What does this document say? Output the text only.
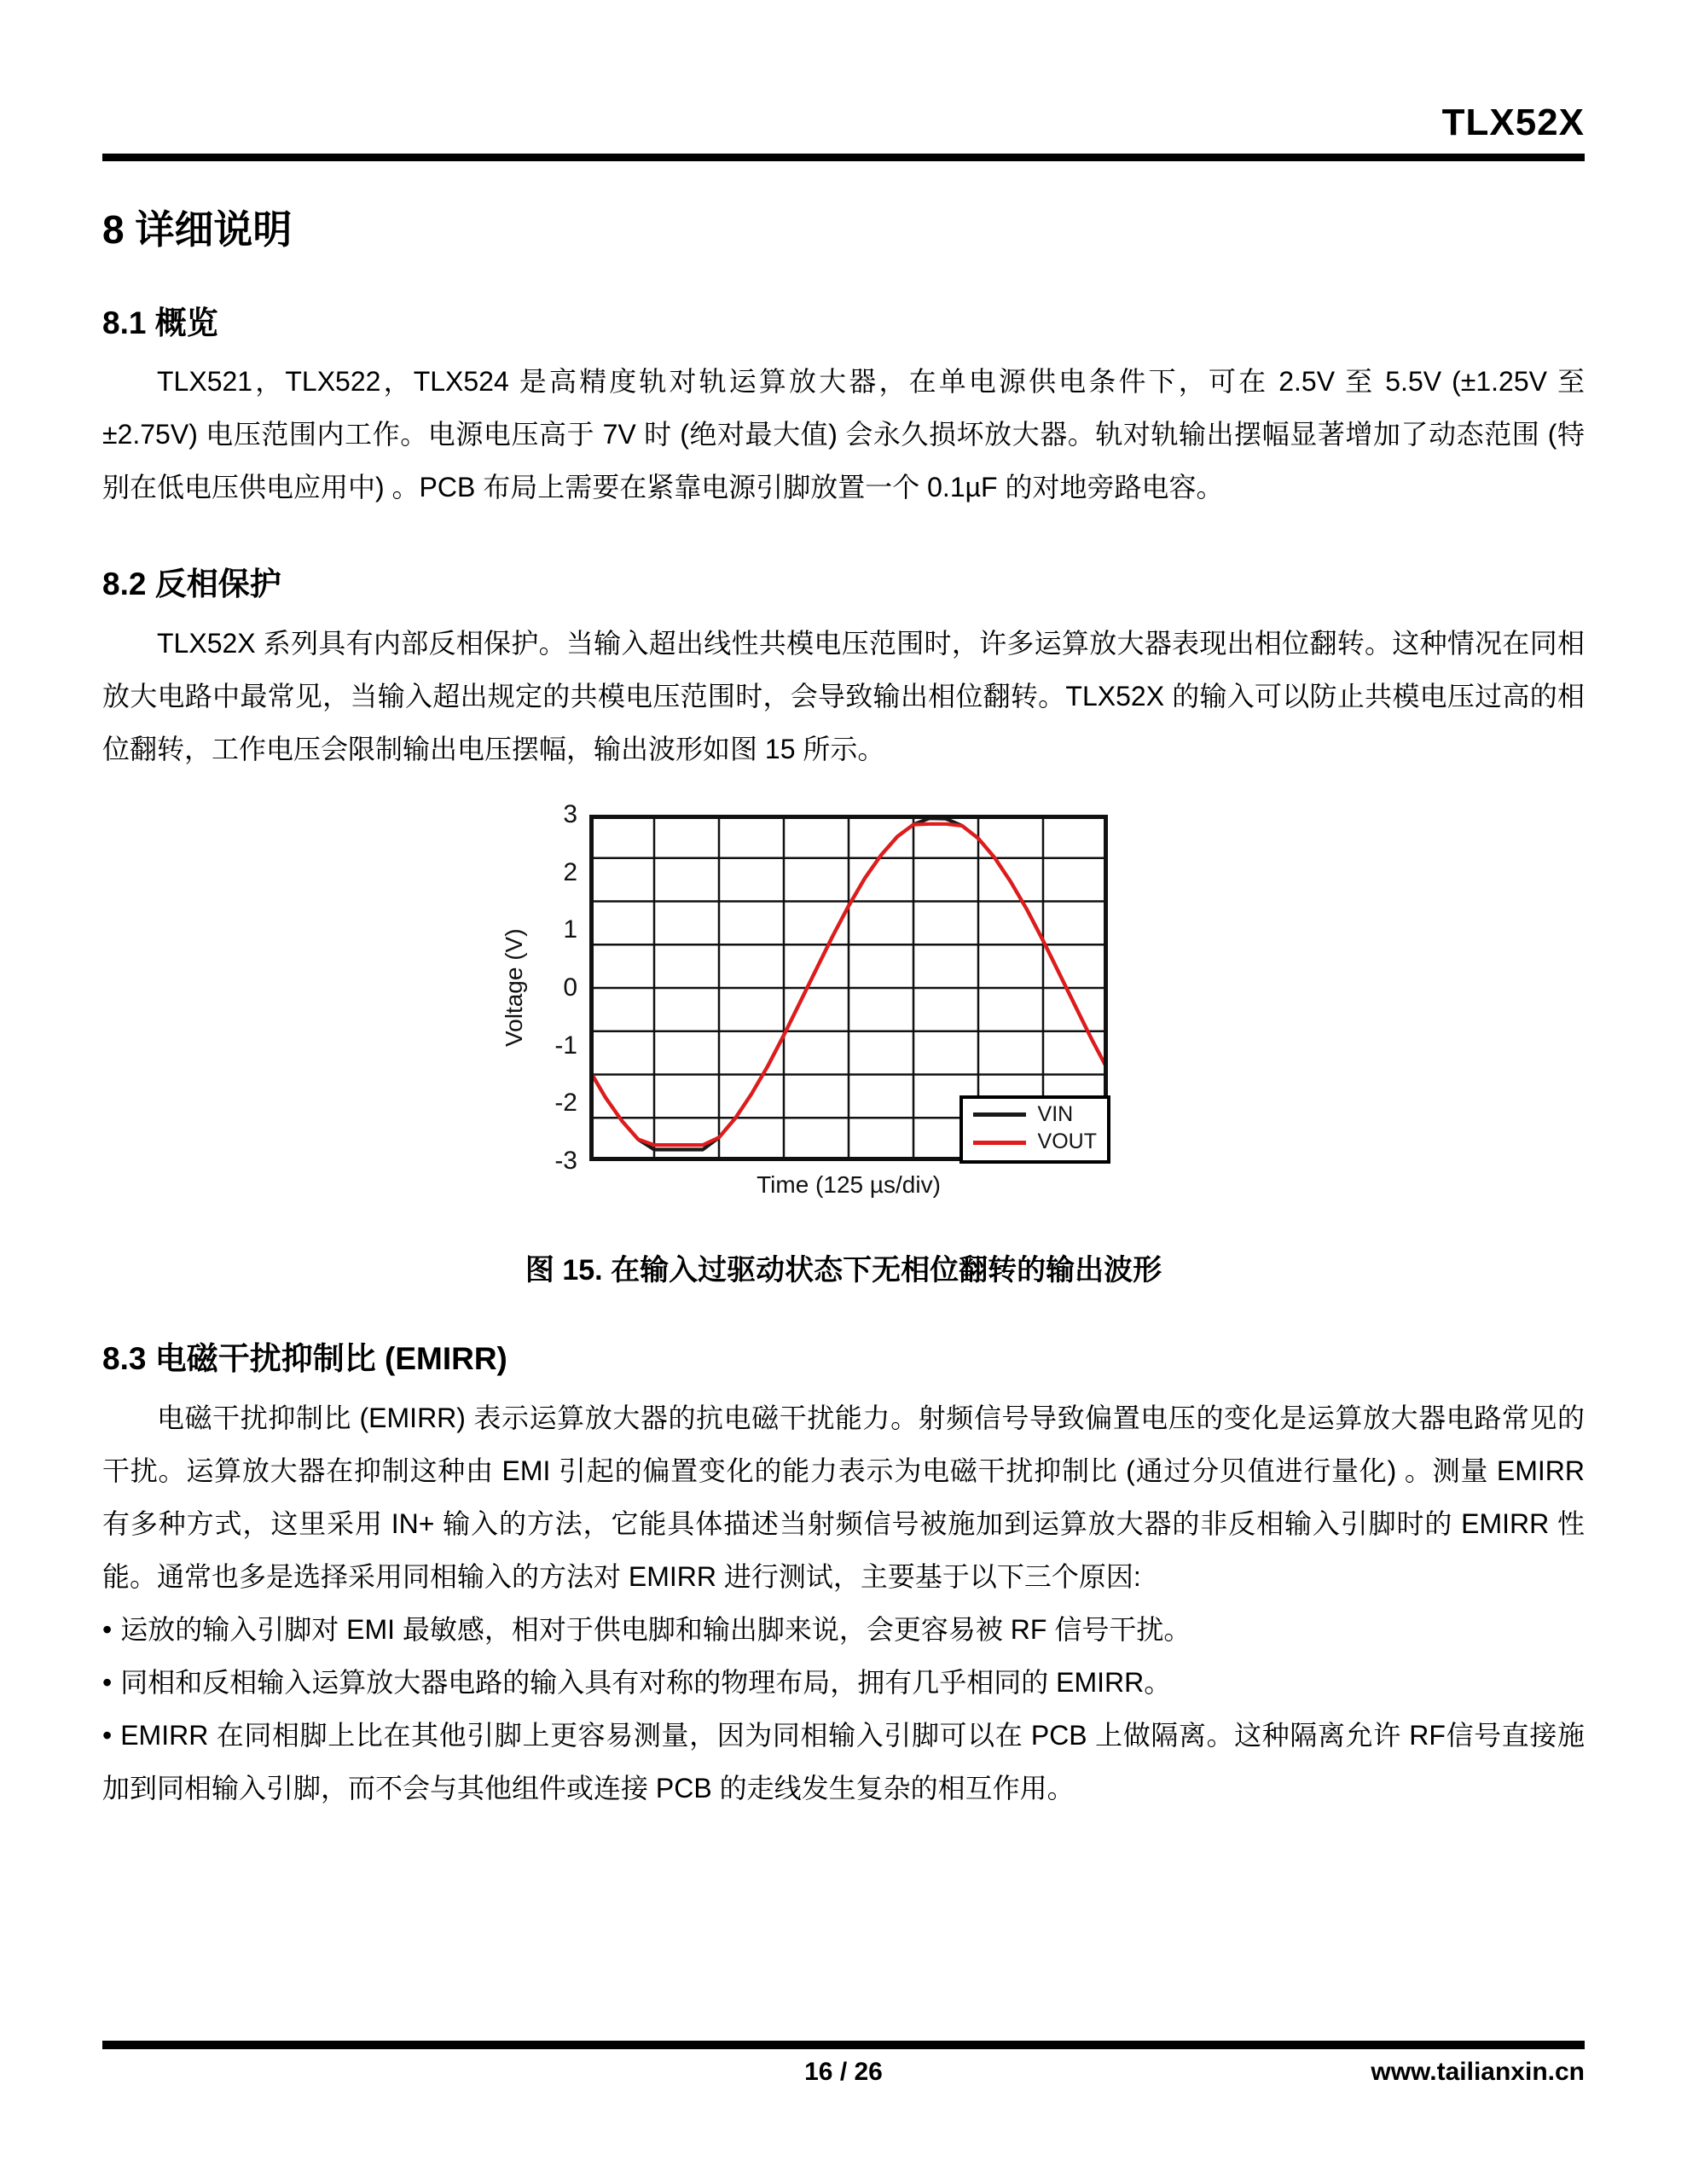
TLX52X
8 详细说明
8.1 概览

TLX521，TLX522，TLX524 是高精度轨对轨运算放大器，在单电源供电条件下，可在 2.5V 至 5.5V (±1.25V 至 ±2.75V) 电压范围内工作。电源电压高于 7V 时 (绝对最大值) 会永久损坏放大器。轨对轨输出摆幅显著增加了动态范围 (特别在低电压供电应用中) 。PCB 布局上需要在紧靠电源引脚放置一个 0.1µF 的对地旁路电容。

8.2 反相保护

TLX52X 系列具有内部反相保护。当输入超出线性共模电压范围时，许多运算放大器表现出相位翻转。这种情况在同相放大电路中最常见，当输入超出规定的共模电压范围时，会导致输出相位翻转。TLX52X 的输入可以防止共模电压过高的相位翻转，工作电压会限制输出电压摆幅，输出波形如图 15 所示。

Voltage (V)
3
2
1
0
-1
-2
-3
VIN
VOUT
Time (125 µs/div)
图 15. 在输入过驱动状态下无相位翻转的输出波形
8.3 电磁干扰抑制比 (EMIRR)

电磁干扰抑制比 (EMIRR) 表示运算放大器的抗电磁干扰能力。射频信号导致偏置电压的变化是运算放大器电路常见的干扰。运算放大器在抑制这种由 EMI 引起的偏置变化的能力表示为电磁干扰抑制比 (通过分贝值进行量化) 。测量 EMIRR 有多种方式，这里采用 IN+ 输入的方法，它能具体描述当射频信号被施加到运算放大器的非反相输入引脚时的 EMIRR 性能。通常也多是选择采用同相输入的方法对 EMIRR 进行测试，主要基于以下三个原因:

• 运放的输入引脚对 EMI 最敏感，相对于供电脚和输出脚来说，会更容易被 RF 信号干扰。

• 同相和反相输入运算放大器电路的输入具有对称的物理布局，拥有几乎相同的 EMIRR。

• EMIRR 在同相脚上比在其他引脚上更容易测量，因为同相输入引脚可以在 PCB 上做隔离。这种隔离允许 RF信号直接施加到同相输入引脚，而不会与其他组件或连接 PCB 的走线发生复杂的相互作用。

16 / 26	www.tailianxin.cn
